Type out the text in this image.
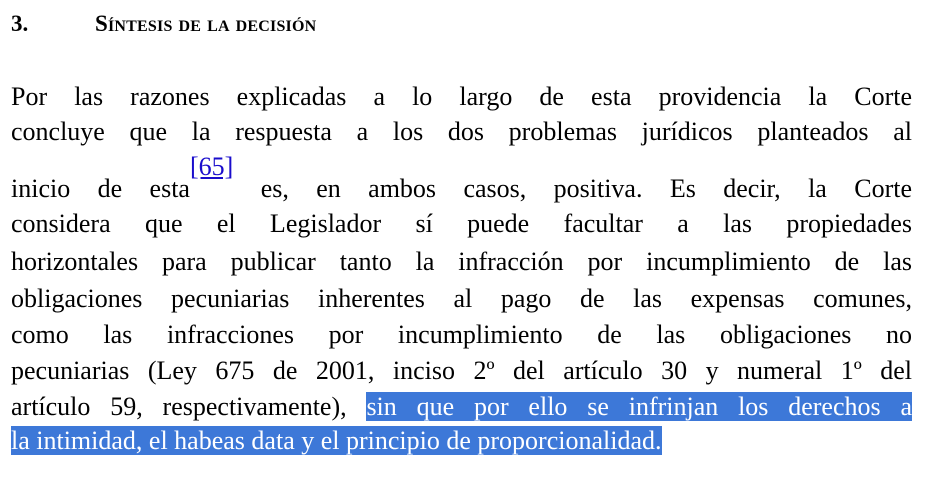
3.	Síntesis de la decisión
Por las razones explicadas a lo largo de esta providencia la Corte
concluye que la respuesta a los dos problemas jurídicos planteados al
inicio de esta[65] es, en ambos casos, positiva. Es decir, la Corte
considera que el Legislador sí puede facultar a las propiedades
horizontales para publicar tanto la infracción por incumplimiento de las
obligaciones pecuniarias inherentes al pago de las expensas comunes,
como las infracciones por incumplimiento de las obligaciones no
pecuniarias (Ley 675 de 2001, inciso 2º del artículo 30 y numeral 1º del
artículo 59, respectivamente), sin que por ello se infrinjan los derechos a
la intimidad, el habeas data y el principio de proporcionalidad.
